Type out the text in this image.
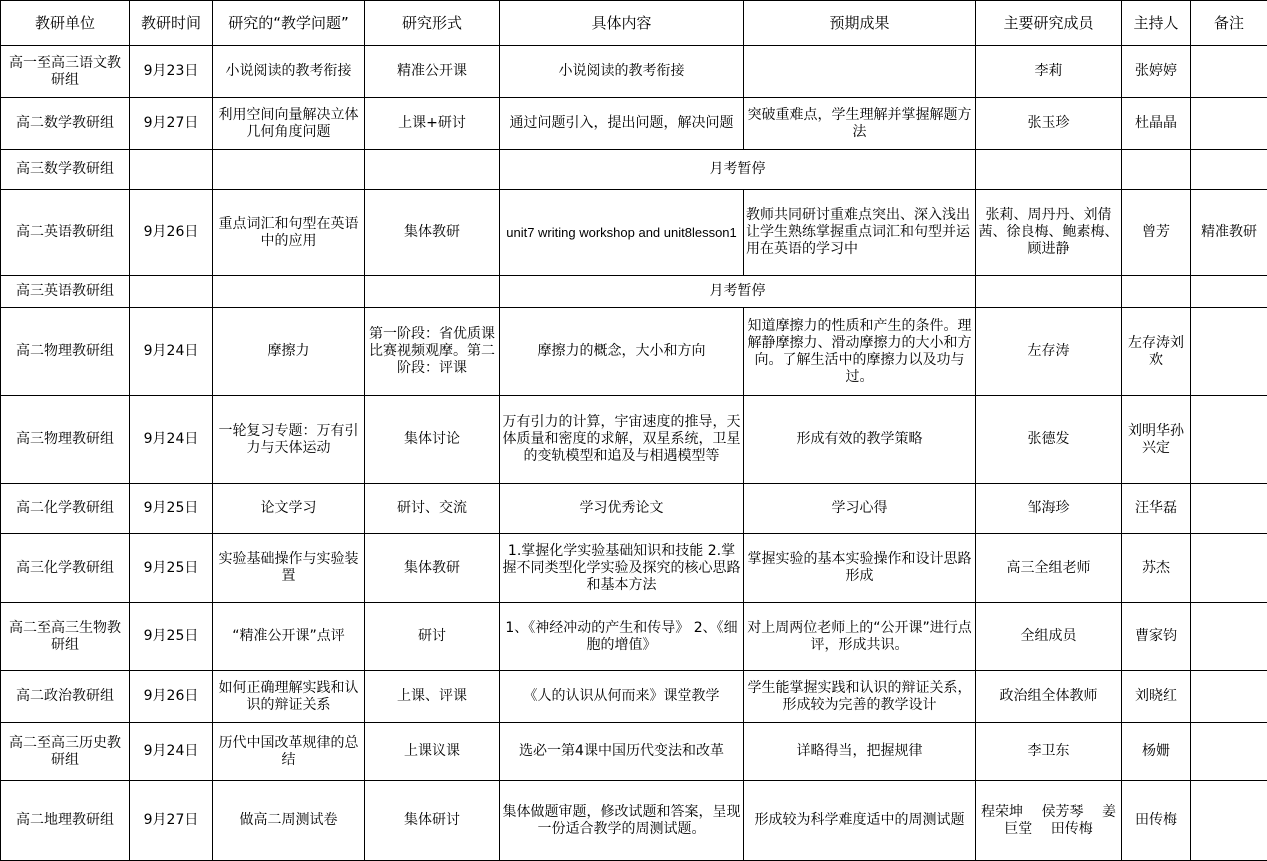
教研单位	教研时间	研究的“教学问题”	研究形式	具体内容	预期成果	主要研究成员	主持人	备注
高一至高三语文教研组	9月23日	小说阅读的教考衔接	精准公开课	小说阅读的教考衔接		李莉	张婷婷	
高二数学教研组	9月27日	利用空间向量解决立体几何角度问题	上课+研讨	通过问题引入，提出问题，解决问题	突破重难点，学生理解并掌握解题方法	张玉珍	杜晶晶	
高三数学教研组				月考暂停				
高二英语教研组	9月26日	重点词汇和句型在英语中的应用	集体教研	unit7 writing workshop and unit8lesson1	教师共同研讨重难点突出、深入浅出让学生熟练掌握重点词汇和句型并运用在英语的学习中	张莉、周丹丹、刘倩茜、徐良梅、鲍素梅、顾进静	曾芳	精准教研
高三英语教研组				月考暂停				
高二物理教研组	9月24日	摩擦力	第一阶段：省优质课比赛视频观摩。第二阶段：评课	摩擦力的概念，大小和方向	知道摩擦力的性质和产生的条件。理解静摩擦力、滑动摩擦力的大小和方向。了解生活中的摩擦力以及功与过。	左存涛	左存涛刘欢	
高三物理教研组	9月24日	一轮复习专题：万有引力与天体运动	集体讨论	万有引力的计算，宇宙速度的推导，天体质量和密度的求解，双星系统，卫星的变轨模型和追及与相遇模型等	形成有效的教学策略	张德发	刘明华孙兴定	
高二化学教研组	9月25日	论文学习	研讨、交流	学习优秀论文	学习心得	邹海珍	汪华磊	
高三化学教研组	9月25日	实验基础操作与实验装置	集体教研	1.掌握化学实验基础知识和技能 2.掌握不同类型化学实验及探究的核心思路和基本方法	掌握实验的基本实验操作和设计思路形成	高三全组老师	苏杰	
高二至高三生物教研组	9月25日	“精准公开课”点评	研讨	1、《神经冲动的产生和传导》 2、《细胞的增值》	对上周两位老师上的“公开课”进行点评，形成共识。	全组成员	曹家钧	
高二政治教研组	9月26日	如何正确理解实践和认识的辩证关系	上课、评课	《人的认识从何而来》课堂教学	学生能掌握实践和认识的辩证关系，形成较为完善的教学设计	政治组全体教师	刘晓红	
高二至高三历史教研组	9月24日	历代中国改革规律的总结	上课议课	选必一第4课中国历代变法和改革	详略得当，把握规律	李卫东	杨姗	
高二地理教研组	9月27日	做高二周测试卷	集体研讨	集体做题审题，修改试题和答案，呈现一份适合教学的周测试题。	形成较为科学难度适中的周测试题	程荣坤　 侯芳琴　 姜巨堂　 田传梅	田传梅	
